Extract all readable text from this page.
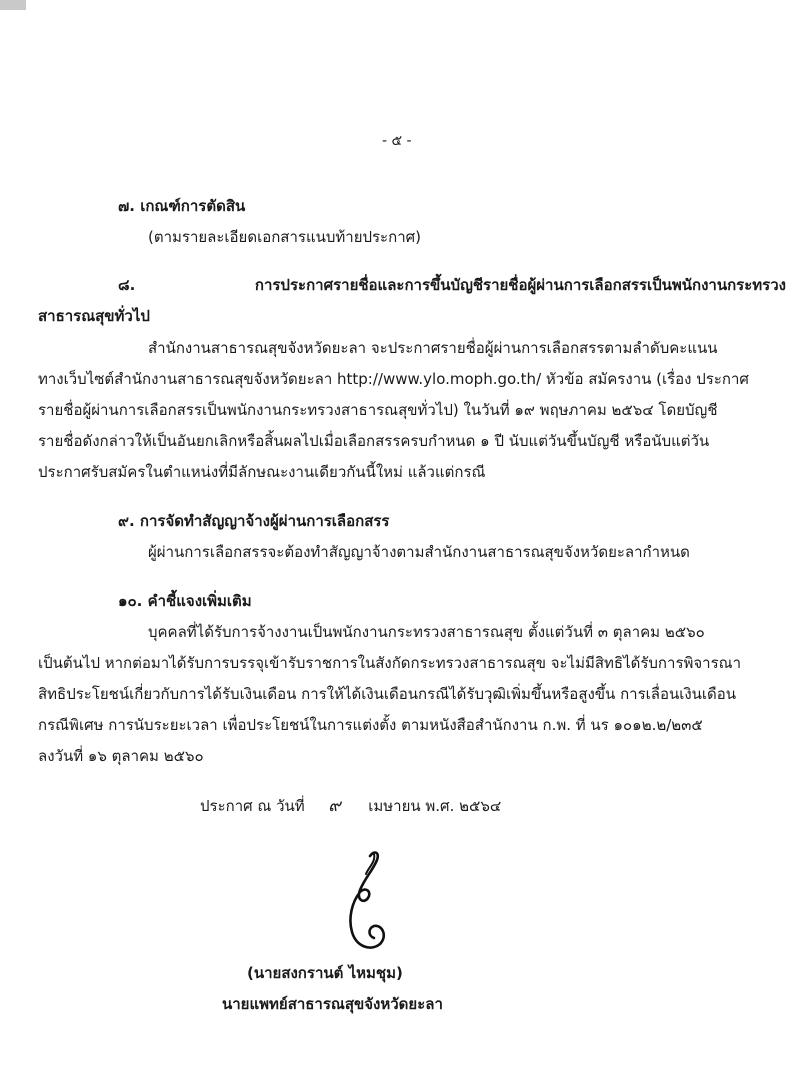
- ๕ -
๗. เกณฑ์การตัดสิน
(ตามรายละเอียดเอกสารแนบท้ายประกาศ)
๘.	การประกาศรายชื่อและการขึ้นบัญชีรายชื่อผู้ผ่านการเลือกสรรเป็นพนักงานกระทรวง
สาธารณสุขทั่วไป
สำนักงานสาธารณสุขจังหวัดยะลา จะประกาศรายชื่อผู้ผ่านการเลือกสรรตามลำดับคะแนน
ทางเว็บไซต์สำนักงานสาธารณสุขจังหวัดยะลา http://www.ylo.moph.go.th/ หัวข้อ สมัครงาน (เรื่อง ประกาศ
รายชื่อผู้ผ่านการเลือกสรรเป็นพนักงานกระทรวงสาธารณสุขทั่วไป) ในวันที่ ๑๙ พฤษภาคม ๒๕๖๔ โดยบัญชี
รายชื่อดังกล่าวให้เป็นอันยกเลิกหรือสิ้นผลไปเมื่อเลือกสรรครบกำหนด ๑ ปี นับแต่วันขึ้นบัญชี หรือนับแต่วัน
ประกาศรับสมัครในตำแหน่งที่มีลักษณะงานเดียวกันนี้ใหม่ แล้วแต่กรณี
๙. การจัดทำสัญญาจ้างผู้ผ่านการเลือกสรร
ผู้ผ่านการเลือกสรรจะต้องทำสัญญาจ้างตามสำนักงานสาธารณสุขจังหวัดยะลากำหนด
๑๐. คำชี้แจงเพิ่มเติม
บุคคลที่ได้รับการจ้างงานเป็นพนักงานกระทรวงสาธารณสุข ตั้งแต่วันที่ ๓ ตุลาคม ๒๕๖๐
เป็นต้นไป หากต่อมาได้รับการบรรจุเข้ารับราชการในสังกัดกระทรวงสาธารณสุข จะไม่มีสิทธิได้รับการพิจารณา
สิทธิประโยชน์เกี่ยวกับการได้รับเงินเดือน การให้ได้เงินเดือนกรณีได้รับวุฒิเพิ่มขึ้นหรือสูงขึ้น การเลื่อนเงินเดือน
กรณีพิเศษ การนับระยะเวลา เพื่อประโยชน์ในการแต่งตั้ง ตามหนังสือสำนักงาน ก.พ. ที่ นร ๑๐๑๒.๒/๒๓๕
ลงวันที่ ๑๖ ตุลาคม ๒๕๖๐
ประกาศ ณ วันที่ ๙ เมษายน พ.ศ. ๒๕๖๔
(นายสงกรานต์ ไหมชุม)
นายแพทย์สาธารณสุขจังหวัดยะลา
